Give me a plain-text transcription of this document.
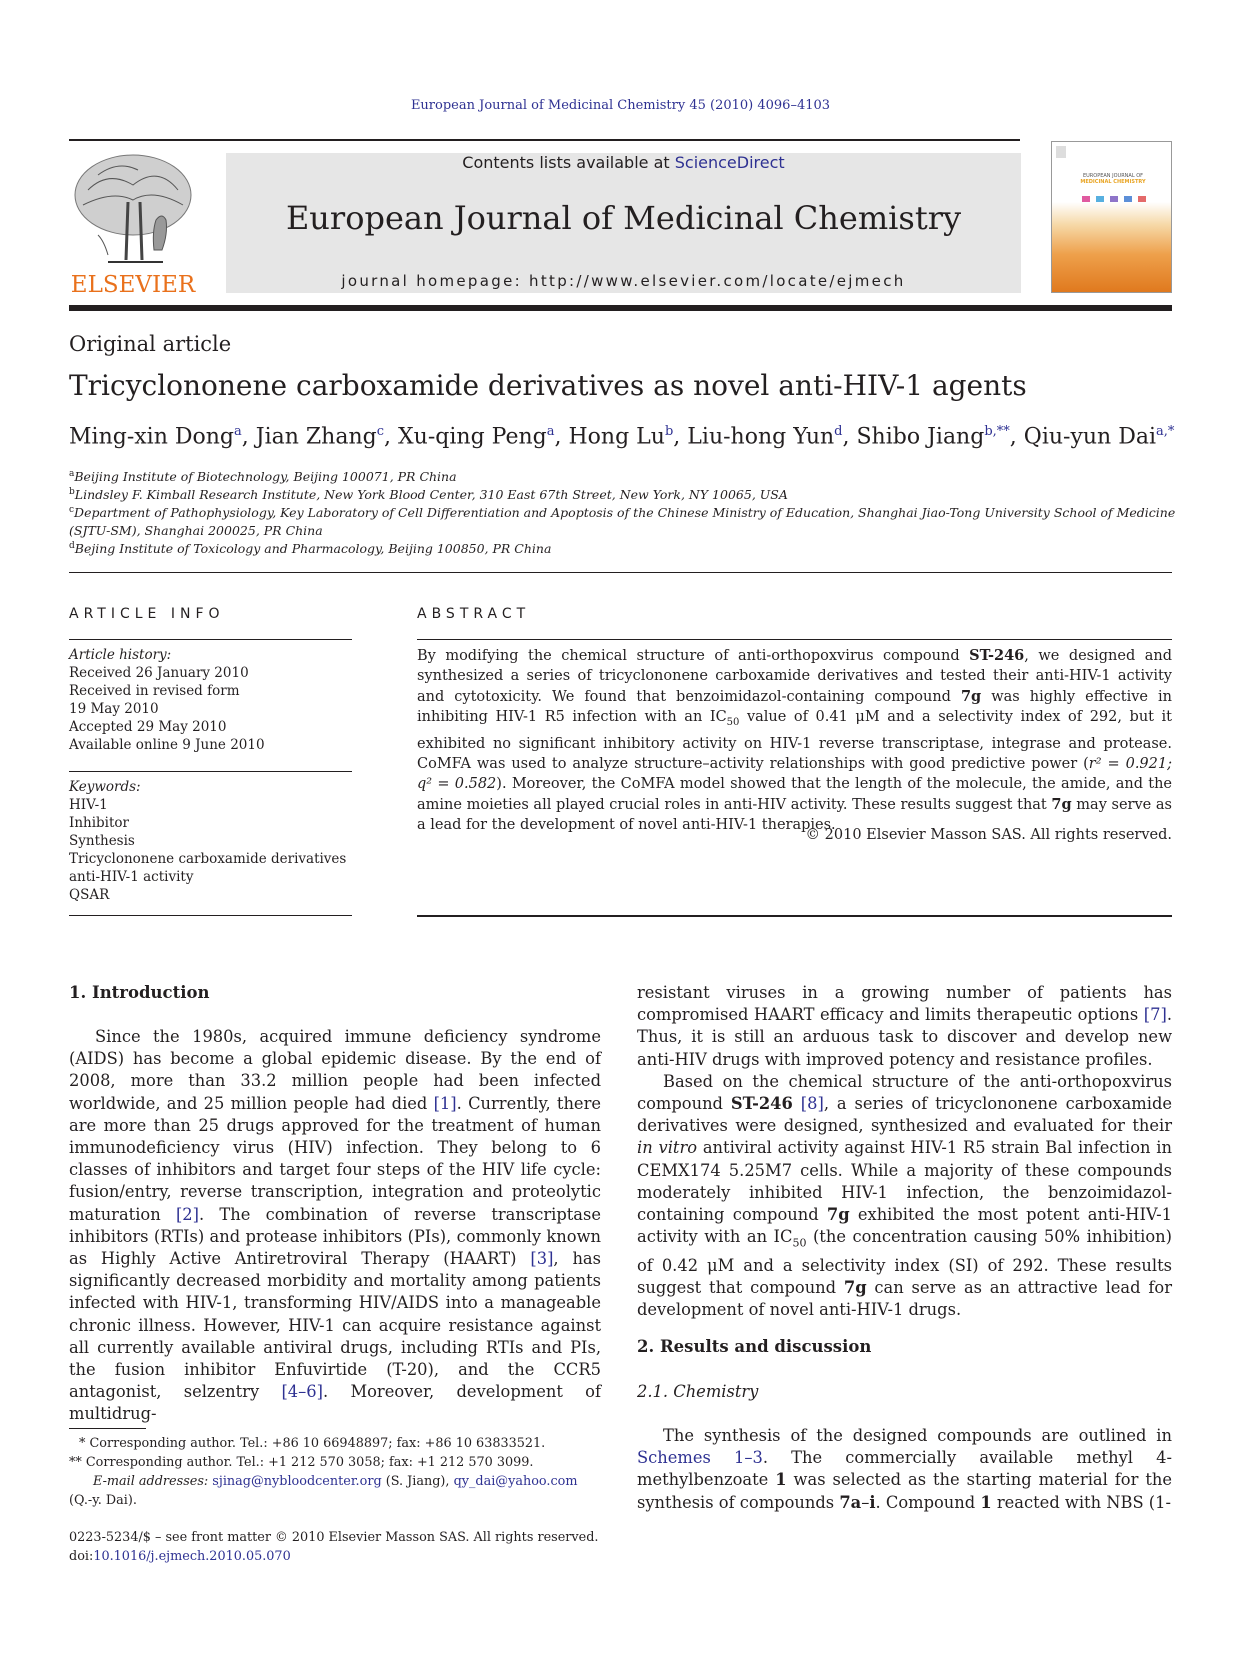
European Journal of Medicinal Chemistry 45 (2010) 4096–4103
ELSEVIER
Contents lists available at ScienceDirect
European Journal of Medicinal Chemistry
journal homepage: http://www.elsevier.com/locate/ejmech
EUROPEAN JOURNAL OF
MEDICINAL CHEMISTRY
Original article
Tricyclononene carboxamide derivatives as novel anti-HIV-1 agents
Ming-xin Dong$^a$, Jian Zhang$^c$, Xu-qing Peng$^a$, Hong Lu$^b$, Liu-hong Yun$^d$, Shibo Jiang$^{b,**}$, Qiu-yun Dai$^{a,*}$
$^a$Beijing Institute of Biotechnology, Beijing 100071, PR China
$^b$Lindsley F. Kimball Research Institute, New York Blood Center, 310 East 67th Street, New York, NY 10065, USA
$^c$Department of Pathophysiology, Key Laboratory of Cell Differentiation and Apoptosis of the Chinese Ministry of Education, Shanghai Jiao-Tong University School of Medicine (SJTU-SM), Shanghai 200025, PR China
$^d$Bejing Institute of Toxicology and Pharmacology, Beijing 100850, PR China
ARTICLE INFO
Article history:
Received 26 January 2010
Received in revised form
19 May 2010
Accepted 29 May 2010
Available online 9 June 2010
Keywords:
HIV-1
Inhibitor
Synthesis
Tricyclononene carboxamide derivatives
anti-HIV-1 activity
QSAR
ABSTRACT
By modifying the chemical structure of anti-orthopoxvirus compound ST-246, we designed and synthesized a series of tricyclononene carboxamide derivatives and tested their anti-HIV-1 activity and cytotoxicity. We found that benzoimidazol-containing compound 7g was highly effective in inhibiting HIV-1 R5 infection with an $IC_{50}$ value of 0.41 μM and a selectivity index of 292, but it exhibited no significant inhibitory activity on HIV-1 reverse transcriptase, integrase and protease. CoMFA was used to analyze structure–activity relationships with good predictive power (r² = 0.921; q² = 0.582). Moreover, the CoMFA model showed that the length of the molecule, the amide, and the amine moieties all played crucial roles in anti-HIV activity. These results suggest that 7g may serve as a lead for the development of novel anti-HIV-1 therapies.
© 2010 Elsevier Masson SAS. All rights reserved.
1. Introduction

Since the 1980s, acquired immune deficiency syndrome (AIDS) has become a global epidemic disease. By the end of 2008, more than 33.2 million people had been infected worldwide, and 25 million people had died [1]. Currently, there are more than 25 drugs approved for the treatment of human immunodeficiency virus (HIV) infection. They belong to 6 classes of inhibitors and target four steps of the HIV life cycle: fusion/entry, reverse transcription, integration and proteolytic maturation [2]. The combination of reverse transcriptase inhibitors (RTIs) and protease inhibitors (PIs), commonly known as Highly Active Antiretroviral Therapy (HAART) [3], has significantly decreased morbidity and mortality among patients infected with HIV-1, transforming HIV/AIDS into a manageable chronic illness. However, HIV-1 can acquire resistance against all currently available antiviral drugs, including RTIs and PIs, the fusion inhibitor Enfuvirtide (T-20), and the CCR5 antagonist, selzentry [4–6]. Moreover, development of multidrug-

resistant viruses in a growing number of patients has compromised HAART efficacy and limits therapeutic options [7]. Thus, it is still an arduous task to discover and develop new anti-HIV drugs with improved potency and resistance profiles.

Based on the chemical structure of the anti-orthopoxvirus compound ST-246 [8], a series of tricyclononene carboxamide derivatives were designed, synthesized and evaluated for their in vitro antiviral activity against HIV-1 R5 strain Bal infection in CEMX174 5.25M7 cells. While a majority of these compounds moderately inhibited HIV-1 infection, the benzoimidazol-containing compound 7g exhibited the most potent anti-HIV-1 activity with an $IC_{50}$ (the concentration causing 50% inhibition) of 0.42 μM and a selectivity index (SI) of 292. These results suggest that compound 7g can serve as an attractive lead for development of novel anti-HIV-1 drugs.

2. Results and discussion
2.1. Chemistry

The synthesis of the designed compounds are outlined in Schemes 1–3. The commercially available methyl 4-methylbenzoate 1 was selected as the starting material for the synthesis of compounds 7a–i. Compound 1 reacted with NBS (1-

* Corresponding author. Tel.: +86 10 66948897; fax: +86 10 63833521.
** Corresponding author. Tel.: +1 212 570 3058; fax: +1 212 570 3099.
E-mail addresses: sjinag@nybloodcenter.org (S. Jiang), qy_dai@yahoo.com
(Q.-y. Dai).
0223-5234/$ – see front matter © 2010 Elsevier Masson SAS. All rights reserved.
doi:10.1016/j.ejmech.2010.05.070
